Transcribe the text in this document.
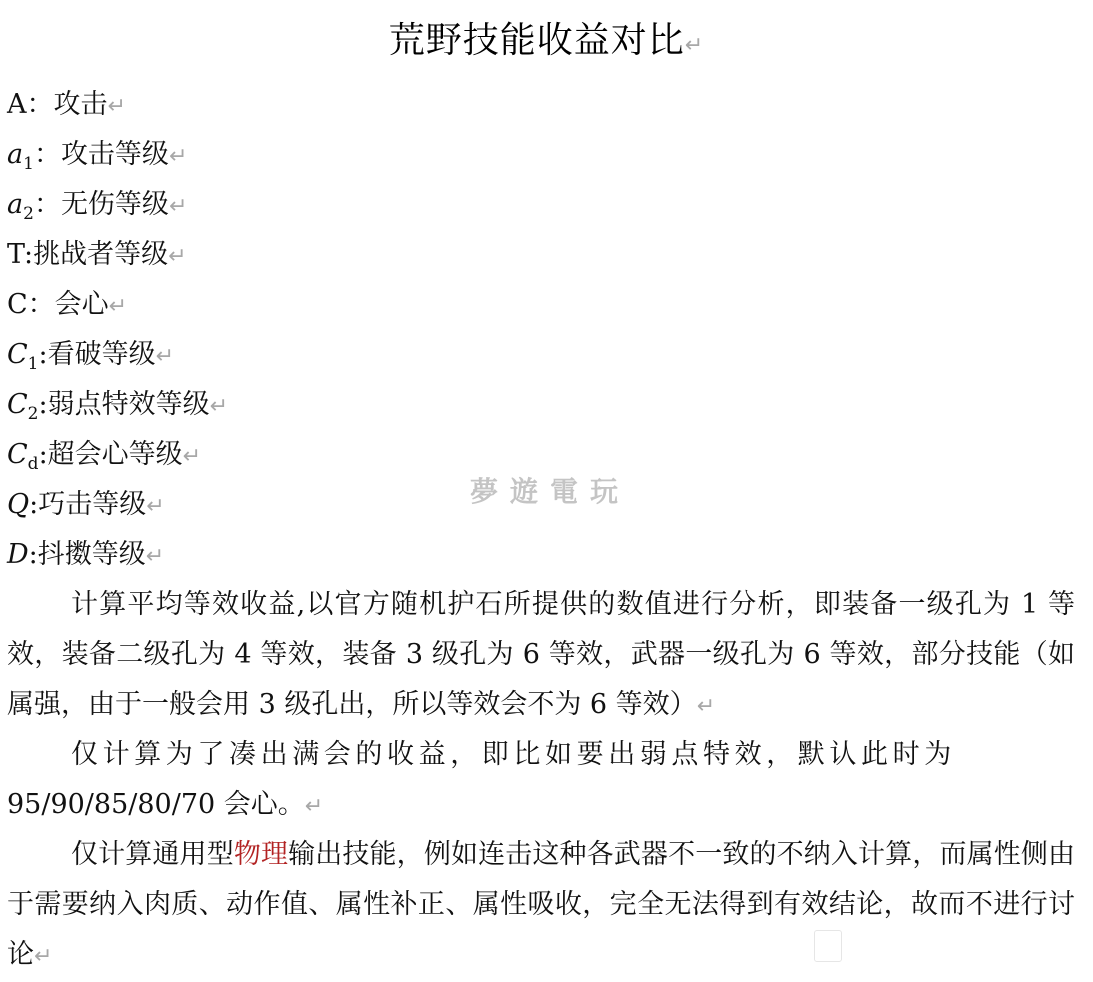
荒野技能收益对比↵
A：攻击↵
$a_1$：攻击等级↵
$a_2$：无伤等级↵
T:挑战者等级↵
C：会心↵
$C_1$:看破等级↵
$C_2$:弱点特效等级↵
$C_d$:超会心等级↵
Q:巧击等级↵
D:抖擞等级↵

计算平均等效收益,以官方随机护石所提供的数值进行分析，即装备一级孔为 1 等效，装备二级孔为 4 等效，装备 3 级孔为 6 等效，武器一级孔为 6 等效，部分技能（如属强，由于一般会用 3 级孔出，所以等效会不为 6 等效）↵

仅计算为了凑出满会的收益，即比如要出弱点特效，默认此时为

95/90/85/80/70 会心。↵

仅计算通用型物理输出技能，例如连击这种各武器不一致的不纳入计算，而属性侧由于需要纳入肉质、动作值、属性补正、属性吸收，完全无法得到有效结论，故而不进行讨论↵

夢遊電玩
